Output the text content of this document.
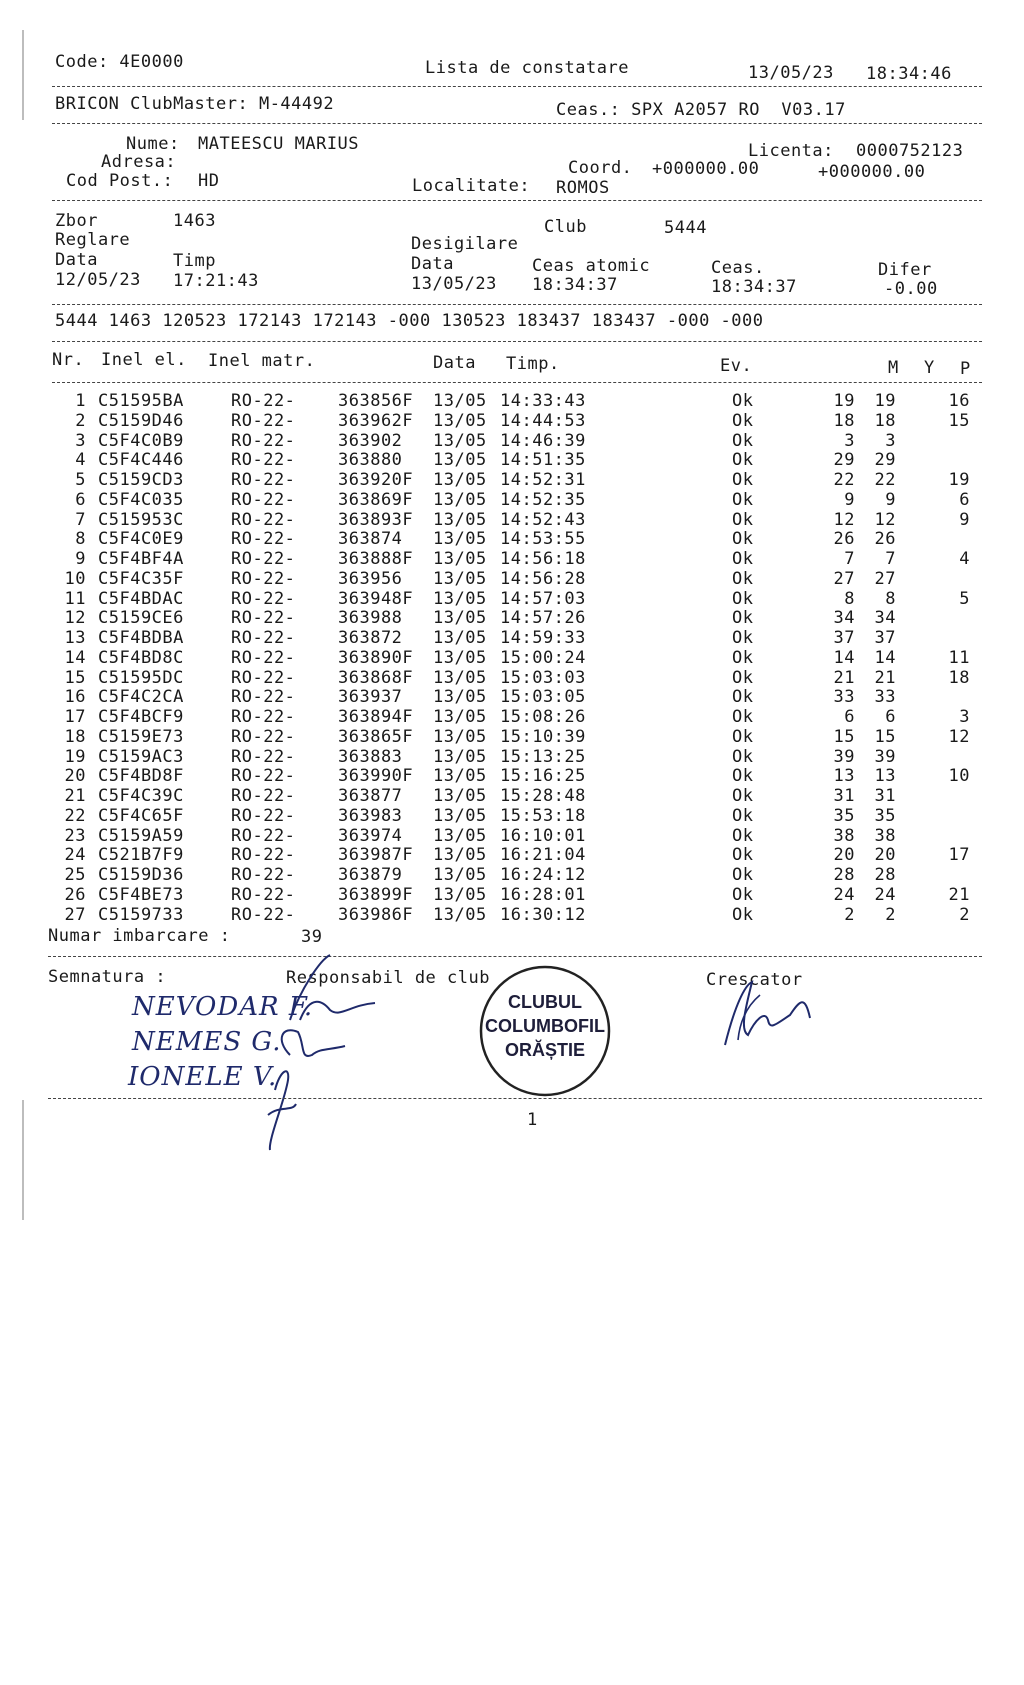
Code: 4E0000	Lista de constatare	13/05/23 18:34:46
BRICON ClubMaster: M-44492	Ceas.: SPX A2057 RO  V03.17
Nume: MATEESCU MARIUS
Adresa:
Cod Post.: HD
Licenta: 0000752123
Coord. +000000.00	+000000.00
Localitate: ROMOS
Zbor	1463	Club	5444
Reglare	Desigilare
Data	Timp	Data	Ceas atomic	Ceas.	Difer
12/05/23 17:21:43	13/05/23 18:34:37	18:34:37	-0.00
5444 1463 120523 172143 172143 -000 130523 183437 183437 -000 -000
Nr. Inel el. Inel matr.	Data Timp.	Ev.	M Y P
1 C51595BA	RO-22-	363856F 13/05 14:33:43	Ok	19	19	16
2 C5159D46	RO-22-	363962F 13/05 14:44:53	Ok	18	18	15
3 C5F4C0B9	RO-22-	363902 13/05 14:46:39	Ok	3	3
4 C5F4C446	RO-22-	363880 13/05 14:51:35	Ok	29	29
5 C5159CD3	RO-22-	363920F 13/05 14:52:31	Ok	22	22	19
6 C5F4C035	RO-22-	363869F 13/05 14:52:35	Ok	9	9	6
7 C515953C	RO-22-	363893F 13/05 14:52:43	Ok	12	12	9
8 C5F4C0E9	RO-22-	363874 13/05 14:53:55	Ok	26	26
9 C5F4BF4A	RO-22-	363888F 13/05 14:56:18	Ok	7	7	4
10 C5F4C35F	RO-22-	363956 13/05 14:56:28	Ok	27	27
11 C5F4BDAC	RO-22-	363948F 13/05 14:57:03	Ok	8	8	5
12 C5159CE6	RO-22-	363988 13/05 14:57:26	Ok	34	34
13 C5F4BDBA	RO-22-	363872 13/05 14:59:33	Ok	37	37
14 C5F4BD8C	RO-22-	363890F 13/05 15:00:24	Ok	14	14	11
15 C51595DC	RO-22-	363868F 13/05 15:03:03	Ok	21	21	18
16 C5F4C2CA	RO-22-	363937 13/05 15:03:05	Ok	33	33
17 C5F4BCF9	RO-22-	363894F 13/05 15:08:26	Ok	6	6	3
18 C5159E73	RO-22-	363865F 13/05 15:10:39	Ok	15	15	12
19 C5159AC3	RO-22-	363883 13/05 15:13:25	Ok	39	39
20 C5F4BD8F	RO-22-	363990F 13/05 15:16:25	Ok	13	13	10
21 C5F4C39C	RO-22-	363877 13/05 15:28:48	Ok	31	31
22 C5F4C65F	RO-22-	363983 13/05 15:53:18	Ok	35	35
23 C5159A59	RO-22-	363974 13/05 16:10:01	Ok	38	38
24 C521B7F9	RO-22-	363987F 13/05 16:21:04	Ok	20	20	17
25 C5159D36	RO-22-	363879 13/05 16:24:12	Ok	28	28
26 C5F4BE73	RO-22-	363899F 13/05 16:28:01	Ok	24	24	21
27 C5159733	RO-22-	363986F 13/05 16:30:12	Ok	2	2	2
Numar imbarcare :	39
Semnatura :	Responsabil de club	Crescator
NEVODAR F.
NEMES G.
IONELE V.
CLUBUL
COLUMBOFIL
ORĂȘTIE
1
